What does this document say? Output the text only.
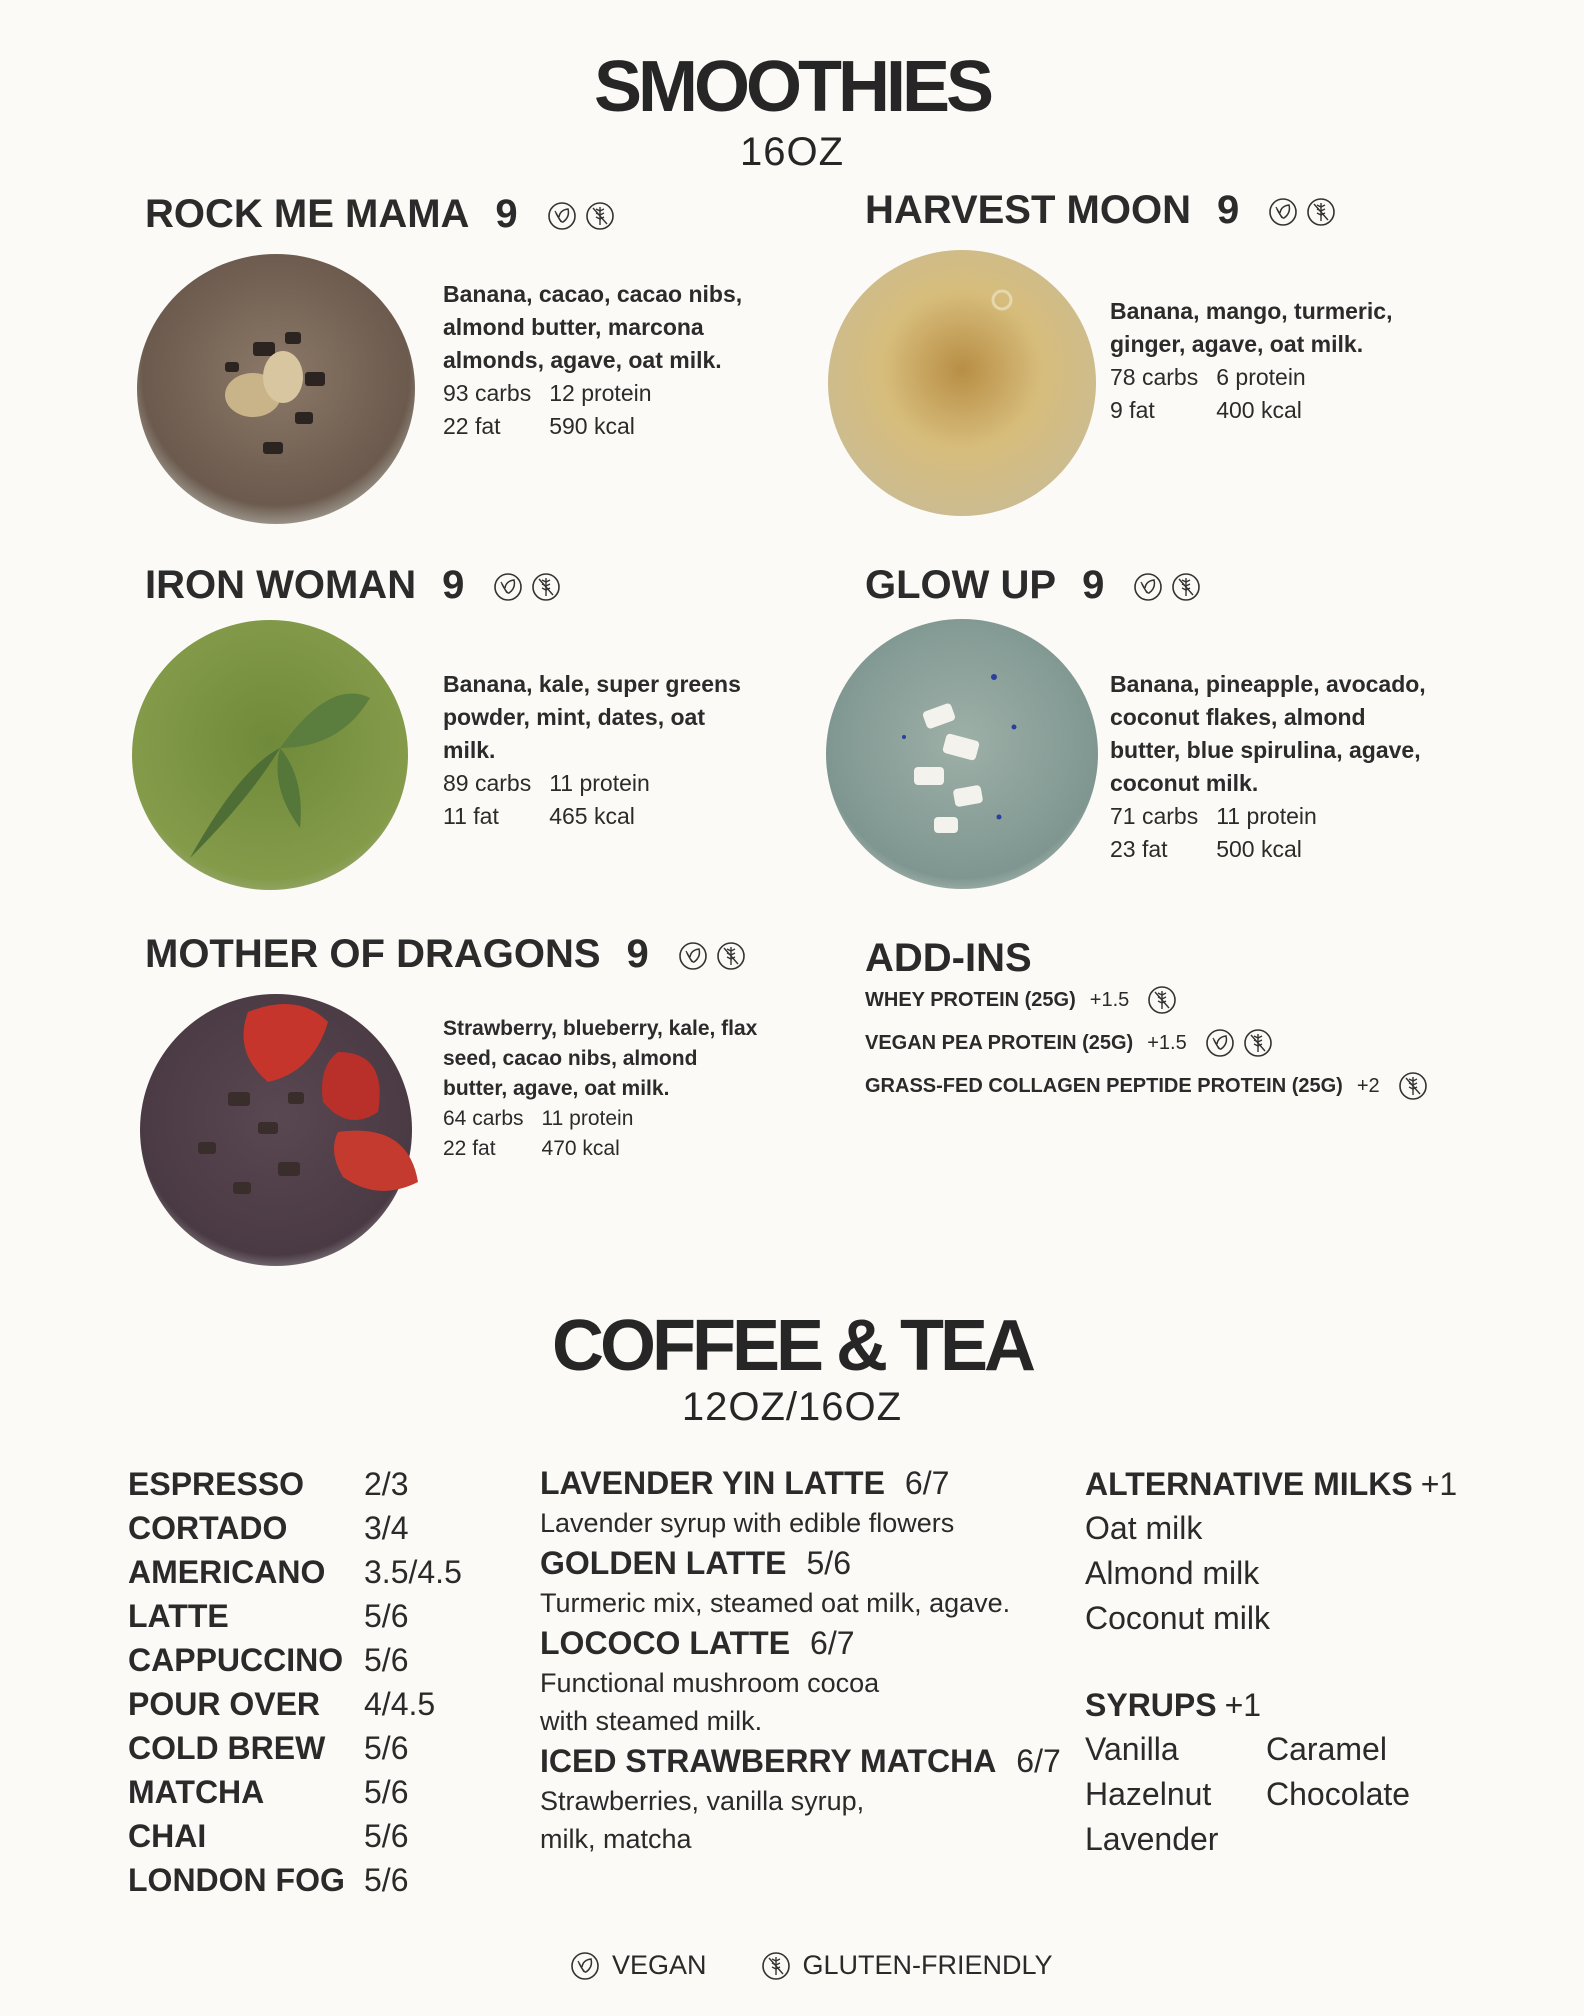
SMOOTHIES
16OZ
ROCK ME MAMA 9
Banana, cacao, cacao nibs, almond butter, marcona almonds, agave, oat milk.
93 carbs 12 protein
22 fat	590 kcal
HARVEST MOON 9
Banana, mango, turmeric, ginger, agave, oat milk.
78 carbs 6 protein
9 fat	400 kcal
IRON WOMAN 9
Banana, kale, super greens powder, mint, dates, oat milk.
89 carbs 11 protein
11 fat	465 kcal
GLOW UP 9
Banana, pineapple, avocado, coconut flakes, almond butter, blue spirulina, agave, coconut milk.
71 carbs 11 protein
23 fat	500 kcal
MOTHER OF DRAGONS 9
Strawberry, blueberry, kale, flax seed, cacao nibs, almond butter, agave, oat milk.
64 carbs 11 protein
22 fat	470 kcal
ADD-INS
WHEY PROTEIN (25G) +1.5
VEGAN PEA PROTEIN (25G) +1.5
GRASS-FED COLLAGEN PEPTIDE PROTEIN (25G) +2
COFFEE & TEA
12OZ/16OZ
ESPRESSO	2/3
CORTADO	3/4
AMERICANO	3.5/4.5
LATTE	5/6
CAPPUCCINO 5/6
POUR OVER	4/4.5
COLD BREW	5/6
MATCHA	5/6
CHAI	5/6
LONDON FOG 5/6
LAVENDER YIN LATTE 6/7
Lavender syrup with edible flowers
GOLDEN LATTE 5/6
Turmeric mix, steamed oat milk, agave.
LOCOCO LATTE 6/7
Functional mushroom cocoa
with steamed milk.
ICED STRAWBERRY MATCHA 6/7
Strawberries, vanilla syrup,
milk, matcha
ALTERNATIVE MILKS +1
Oat milk
Almond milk
Coconut milk
SYRUPS +1
Vanilla	Caramel
Hazelnut	Chocolate
Lavender
VEGAN	GLUTEN-FRIENDLY
